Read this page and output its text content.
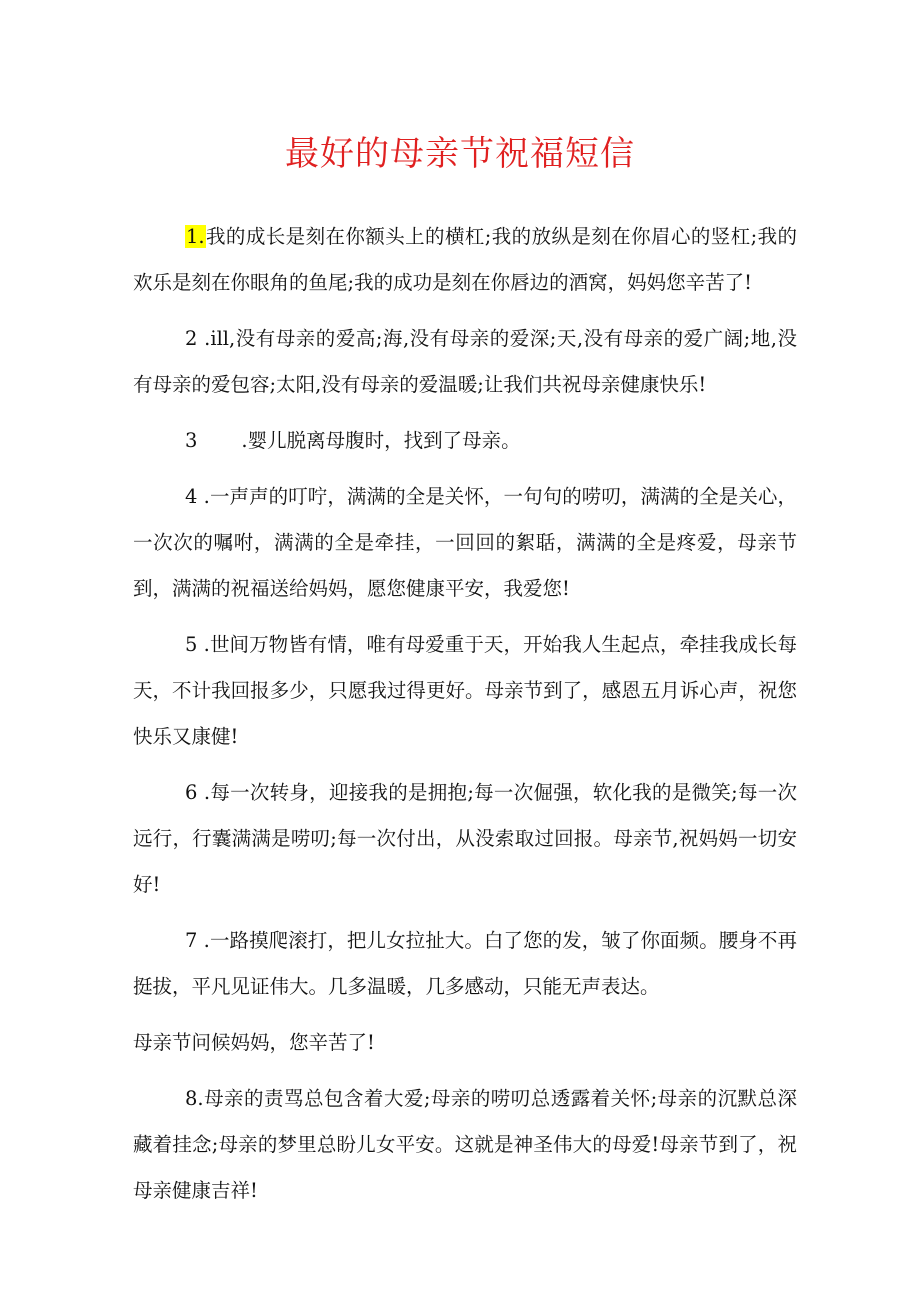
最好的母亲节祝福短信

1.我的成长是刻在你额头上的横杠;我的放纵是刻在你眉心的竖杠;我的欢乐是刻在你眼角的鱼尾;我的成功是刻在你唇边的酒窝，妈妈您辛苦了!

2 .ill,没有母亲的爱高;海,没有母亲的爱深;天,没有母亲的爱广阔;地,没有母亲的爱包容;太阳,没有母亲的爱温暖;让我们共祝母亲健康快乐!

3 .婴儿脱离母腹时，找到了母亲。

4 .一声声的叮咛，满满的全是关怀，一句句的唠叨，满满的全是关心，一次次的嘱咐，满满的全是牵挂，一回回的絮聒，满满的全是疼爱，母亲节到，满满的祝福送给妈妈，愿您健康平安，我爱您!

5 .世间万物皆有情，唯有母爱重于天，开始我人生起点，牵挂我成长每天，不计我回报多少，只愿我过得更好。母亲节到了，感恩五月诉心声，祝您快乐又康健!

6 .每一次转身，迎接我的是拥抱;每一次倔强，软化我的是微笑;每一次远行，行囊满满是唠叨;每一次付出，从没索取过回报。母亲节,祝妈妈一切安好!

7 .一路摸爬滚打，把儿女拉扯大。白了您的发，皱了你面频。腰身不再挺拔，平凡见证伟大。几多温暖，几多感动，只能无声表达。

母亲节问候妈妈，您辛苦了!

8.母亲的责骂总包含着大爱;母亲的唠叨总透露着关怀;母亲的沉默总深藏着挂念;母亲的梦里总盼儿女平安。这就是神圣伟大的母爱!母亲节到了，祝母亲健康吉祥!
